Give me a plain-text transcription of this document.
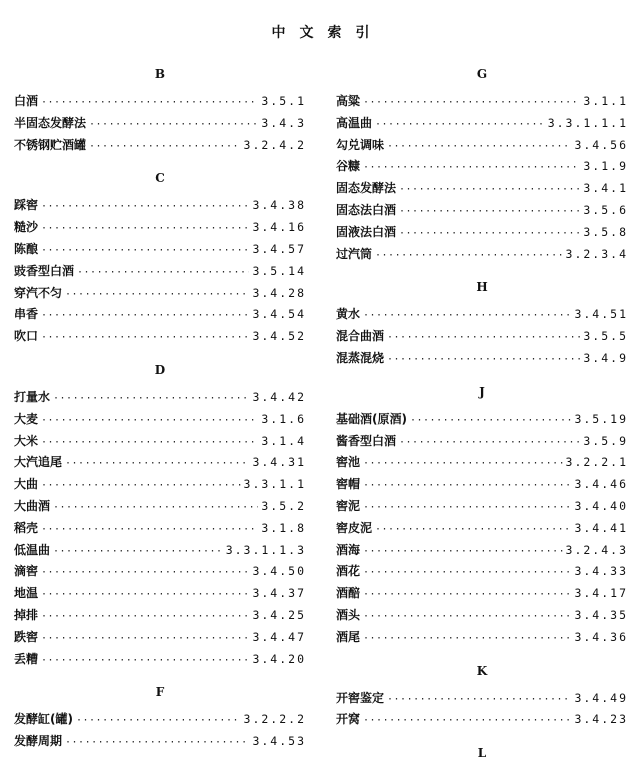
中文索引
B
白酒 ·····	3.5.1
半固态发酵法 ·····	3.4.3
不锈钢贮酒罐 ·····	3.2.4.2
C
踩窖 ·····	3.4.38
糙沙 ·····	3.4.16
陈酿 ·····	3.4.57
豉香型白酒 ·····	3.5.14
穿汽不匀 ·····	3.4.28
串香 ·····	3.4.54
吹口 ·····	3.4.52
D
打量水 ·····	3.4.42
大麦 ·····	3.1.6
大米 ·····	3.1.4
大汽追尾 ·····	3.4.31
大曲 ·····	3.3.1.1
大曲酒 ·····	3.5.2
稻壳 ·····	3.1.8
低温曲 ·····	3.3.1.1.3
滴窖 ·····	3.4.50
地温 ·····	3.4.37
掉排 ·····	3.4.25
跌窖 ·····	3.4.47
丢糟 ·····	3.4.20
F
发酵缸(罐) ·····	3.2.2.2
发酵周期 ·····	3.4.53
G
高粱 ·····	3.1.1
高温曲 ·····	3.3.1.1.1
勾兑调味 ·····	3.4.56
谷糠 ·····	3.1.9
固态发酵法 ·····	3.4.1
固态法白酒 ·····	3.5.6
固液法白酒 ·····	3.5.8
过汽筒 ·····	3.2.3.4
H
黄水 ·····	3.4.51
混合曲酒 ·····	3.5.5
混蒸混烧 ·····	3.4.9
J
基础酒(原酒) ·····	3.5.19
酱香型白酒 ·····	3.5.9
窖池 ·····	3.2.2.1
窖帽 ·····	3.4.46
窖泥 ·····	3.4.40
窖皮泥 ·····	3.4.41
酒海 ·····	3.2.4.3
酒花 ·····	3.4.33
酒醅 ·····	3.4.17
酒头 ·····	3.4.35
酒尾 ·····	3.4.36
K
开窖鉴定 ·····	3.4.49
开窝 ·····	3.4.23
L
